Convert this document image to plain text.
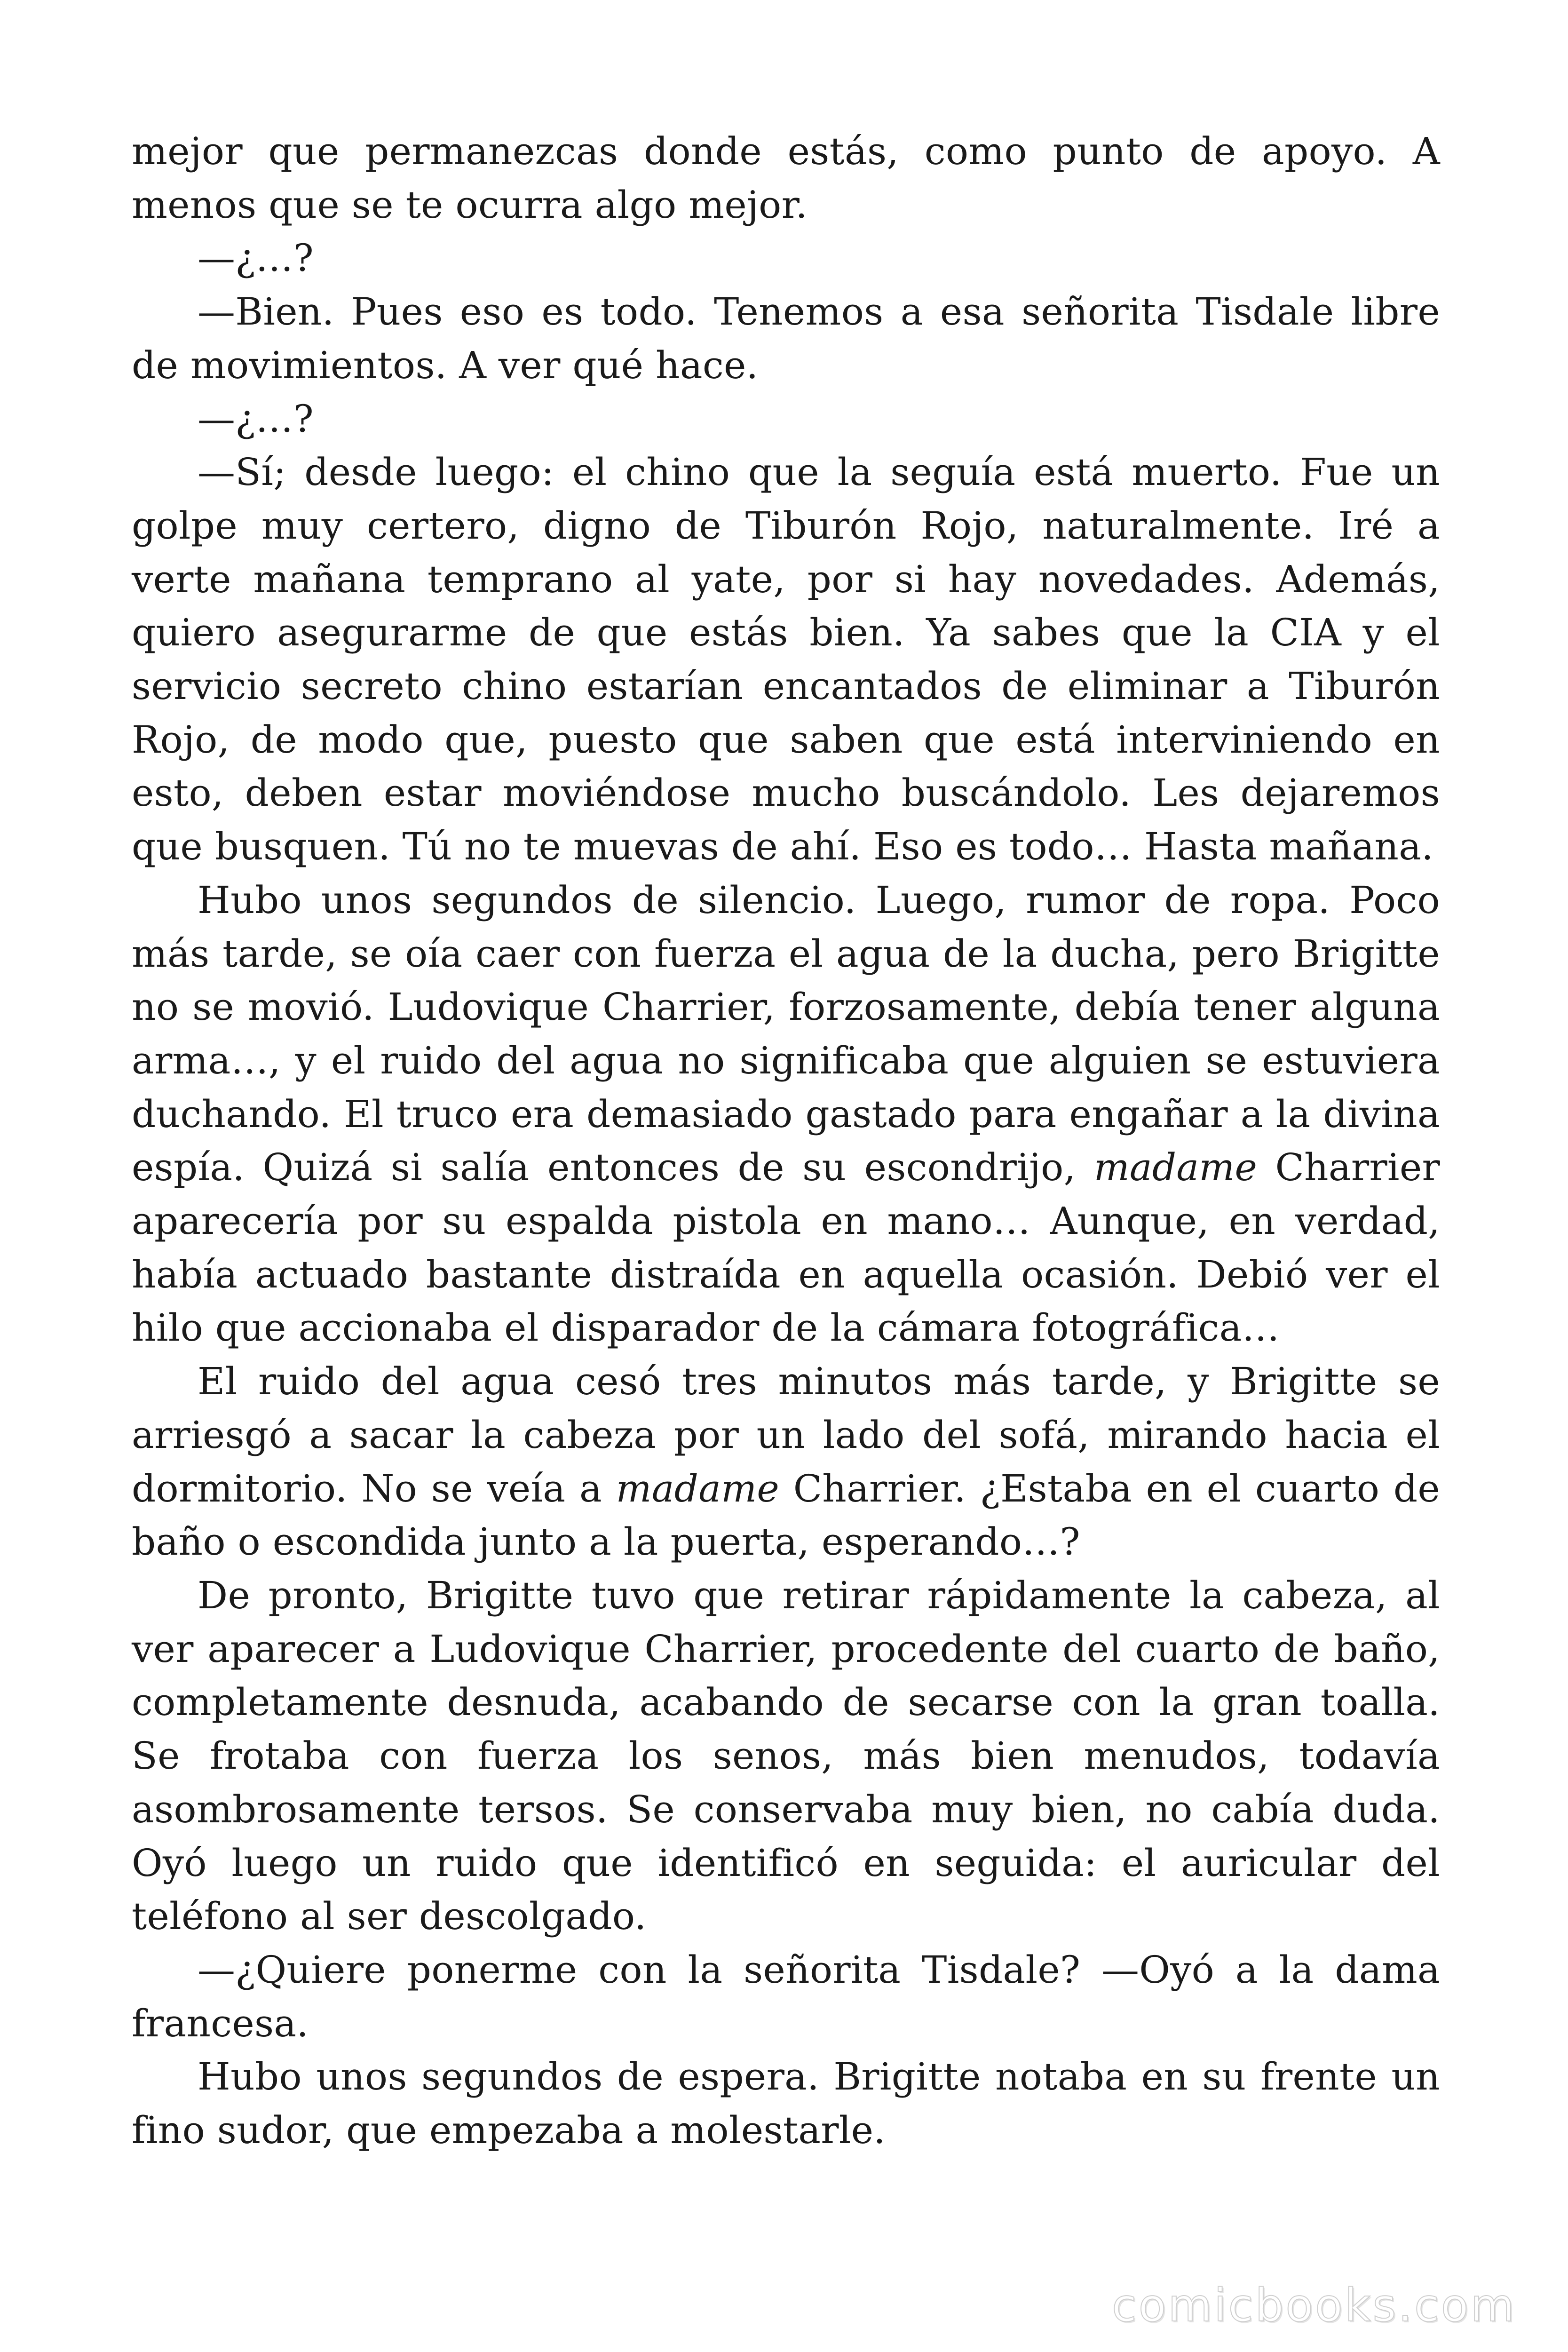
mejor que permanezcas donde estás, como punto de apoyo. A menos que se te ocurra algo mejor.

—¿…?

—Bien. Pues eso es todo. Tenemos a esa señorita Tisdale libre de movimientos. A ver qué hace.

—¿…?

—Sí; desde luego: el chino que la seguía está muerto. Fue un golpe muy certero, digno de Tiburón Rojo, naturalmente. Iré a verte mañana temprano al yate, por si hay novedades. Además, quiero asegurarme de que estás bien. Ya sabes que la CIA y el servicio secreto chino estarían encantados de eliminar a Tiburón Rojo, de modo que, puesto que saben que está interviniendo en esto, deben estar moviéndose mucho buscándolo. Les dejaremos que busquen. Tú no te muevas de ahí. Eso es todo… Hasta mañana.

Hubo unos segundos de silencio. Luego, rumor de ropa. Poco más tarde, se oía caer con fuerza el agua de la ducha, pero Brigitte no se movió. Ludovique Charrier, forzosamente, debía tener alguna arma…, y el ruido del agua no significaba que alguien se estuviera duchando. El truco era demasiado gastado para engañar a la divina espía. Quizá si salía entonces de su escondrijo, madame Charrier aparecería por su espalda pistola en mano… Aunque, en verdad, había actuado bastante distraída en aquella ocasión. Debió ver el hilo que accionaba el disparador de la cámara fotográfica…

El ruido del agua cesó tres minutos más tarde, y Brigitte se arriesgó a sacar la cabeza por un lado del sofá, mirando hacia el dormitorio. No se veía a madame Charrier. ¿Estaba en el cuarto de baño o escondida junto a la puerta, esperando…?

De pronto, Brigitte tuvo que retirar rápidamente la cabeza, al ver aparecer a Ludovique Charrier, procedente del cuarto de baño, completamente desnuda, acabando de secarse con la gran toalla. Se frotaba con fuerza los senos, más bien menudos, todavía asombrosamente tersos. Se conservaba muy bien, no cabía duda. Oyó luego un ruido que identificó en seguida: el auricular del teléfono al ser descolgado.

—¿Quiere ponerme con la señorita Tisdale? —Oyó a la dama francesa.

Hubo unos segundos de espera. Brigitte notaba en su frente un fino sudor, que empezaba a molestarle.

comicbooks.com
